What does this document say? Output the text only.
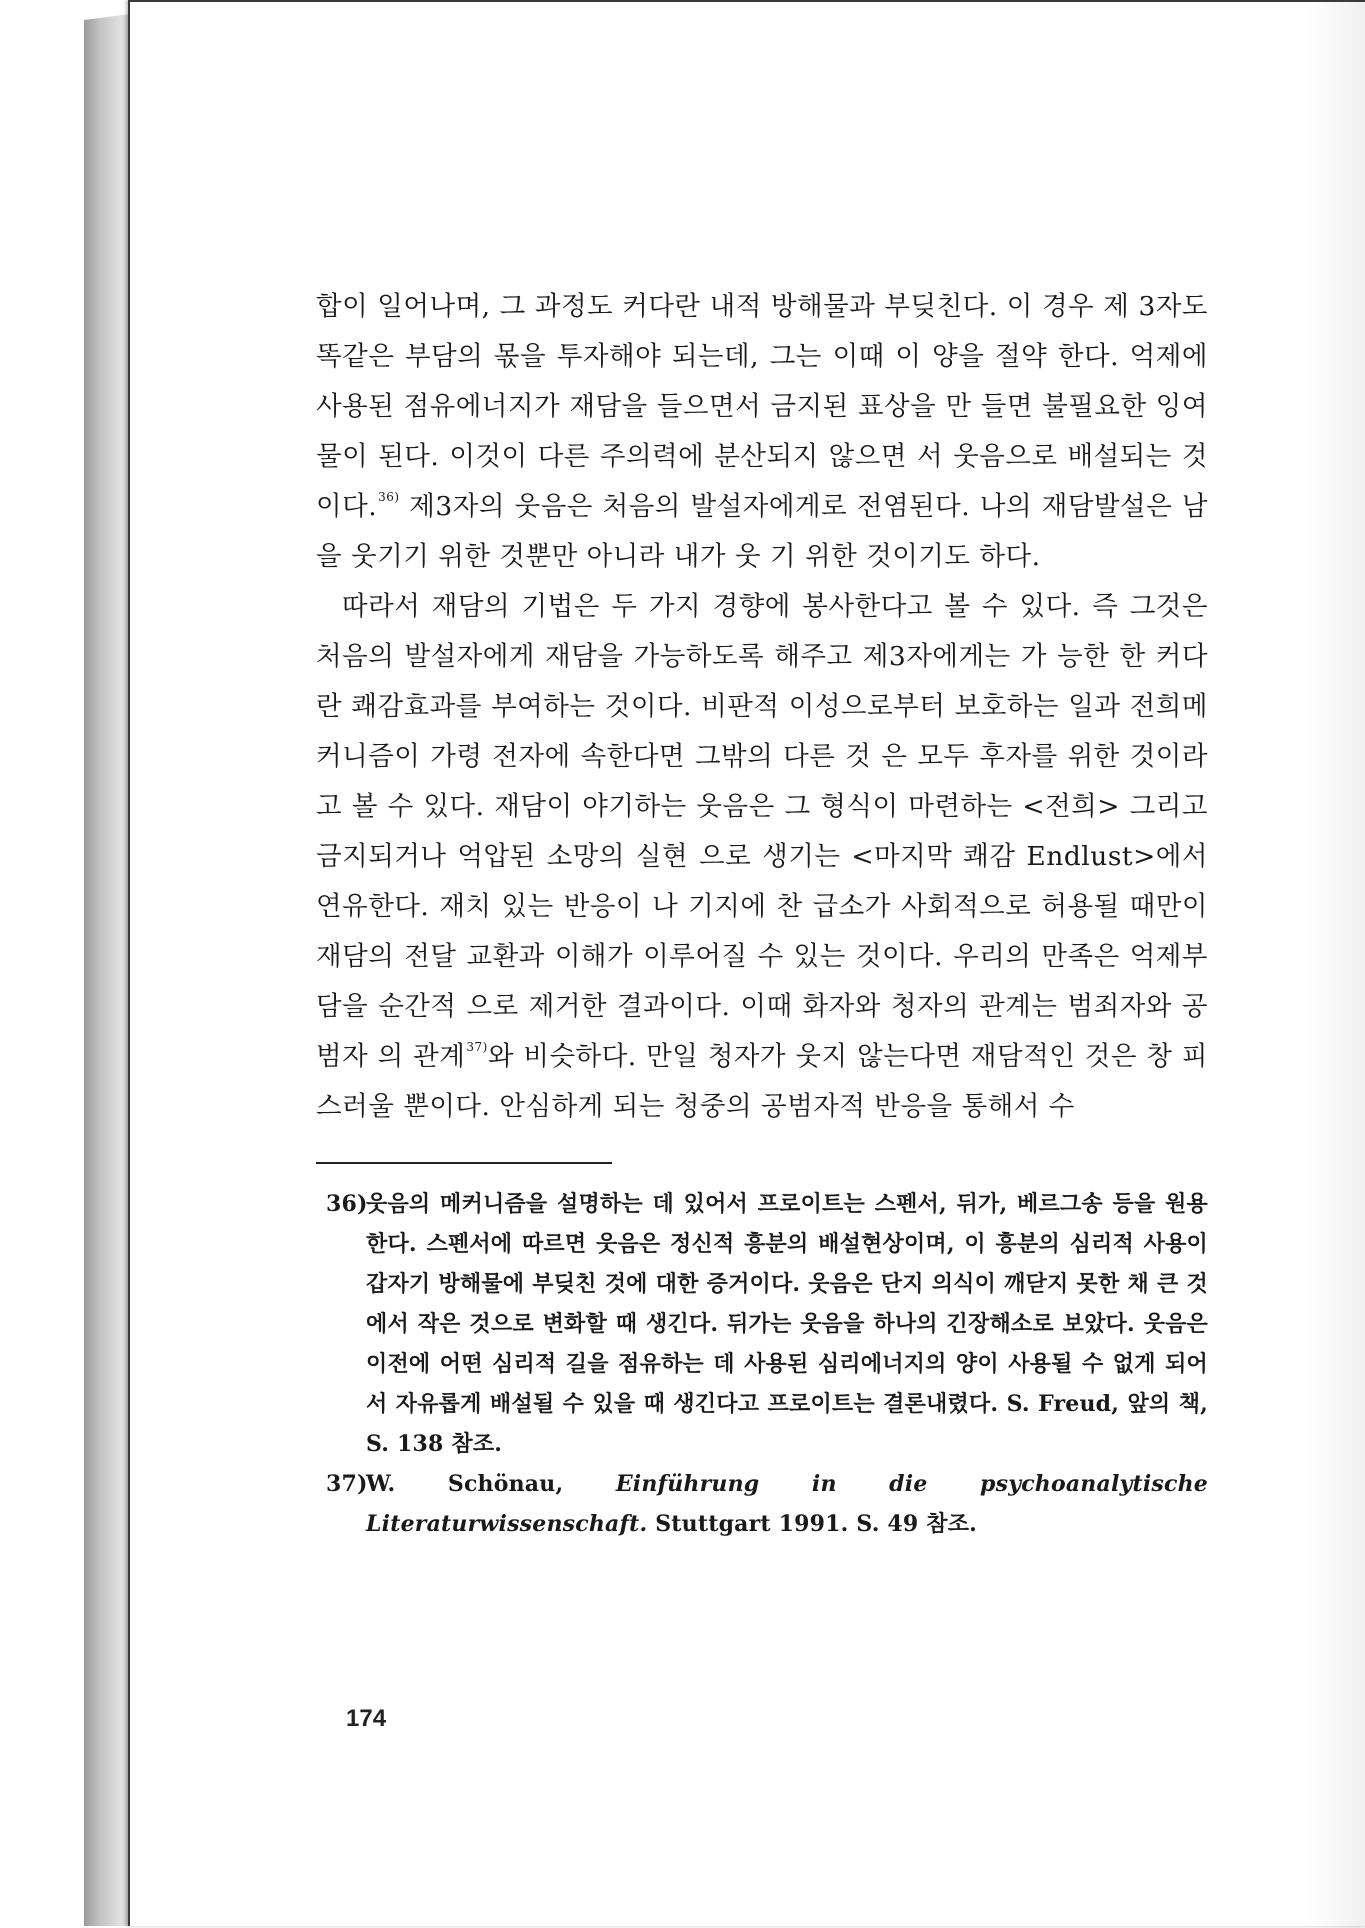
합이 일어나며, 그 과정도 커다란 내적 방해물과 부딪친다. 이 경우 제 3자도 똑같은 부담의 몫을 투자해야 되는데, 그는 이때 이 양을 절약 한다. 억제에 사용된 점유에너지가 재담을 들으면서 금지된 표상을 만 들면 불필요한 잉여물이 된다. 이것이 다른 주의력에 분산되지 않으면 서 웃음으로 배설되는 것이다.$^{36)}$ 제3자의 웃음은 처음의 발설자에게로 전염된다. 나의 재담발설은 남을 웃기기 위한 것뿐만 아니라 내가 웃 기 위한 것이기도 하다.

따라서 재담의 기법은 두 가지 경향에 봉사한다고 볼 수 있다. 즉 그것은 처음의 발설자에게 재담을 가능하도록 해주고 제3자에게는 가 능한 한 커다란 쾌감효과를 부여하는 것이다. 비판적 이성으로부터 보호하는 일과 전희메커니즘이 가령 전자에 속한다면 그밖의 다른 것 은 모두 후자를 위한 것이라고 볼 수 있다. 재담이 야기하는 웃음은 그 형식이 마련하는 <전희> 그리고 금지되거나 억압된 소망의 실현 으로 생기는 <마지막 쾌감 Endlust>에서 연유한다. 재치 있는 반응이 나 기지에 찬 급소가 사회적으로 허용될 때만이 재담의 전달 교환과 이해가 이루어질 수 있는 것이다. 우리의 만족은 억제부담을 순간적 으로 제거한 결과이다. 이때 화자와 청자의 관계는 범죄자와 공범자 의 관계$^{37)}$와 비슷하다. 만일 청자가 웃지 않는다면 재담적인 것은 창 피스러울 뿐이다. 안심하게 되는 청중의 공범자적 반응을 통해서 수

36)
웃음의 메커니즘을 설명하는 데 있어서 프로이트는 스펜서, 뒤가, 베르그송 등을 원용한다. 스펜서에 따르면 웃음은 정신적 흥분의 배설현상이며, 이 흥분의 심리적 사용이 갑자기 방해물에 부딪친 것에 대한 증거이다. 웃음은 단지 의식이 깨닫지 못한 채 큰 것에서 작은 것으로 변화할 때 생긴다. 뒤가는 웃음을 하나의 긴장해소로 보았다. 웃음은 이전에 어떤 심리적 길을 점유하는 데 사용된 심리에너지의 양이 사용될 수 없게 되어서 자유롭게 배설될 수 있을 때 생긴다고 프로이트는 결론내렸다. S. Freud, 앞의 책, S. 138 참조.

37)
W. Schönau, Einführung in die psychoanalytische Literaturwissenschaft. Stuttgart 1991. S. 49 참조.

174
